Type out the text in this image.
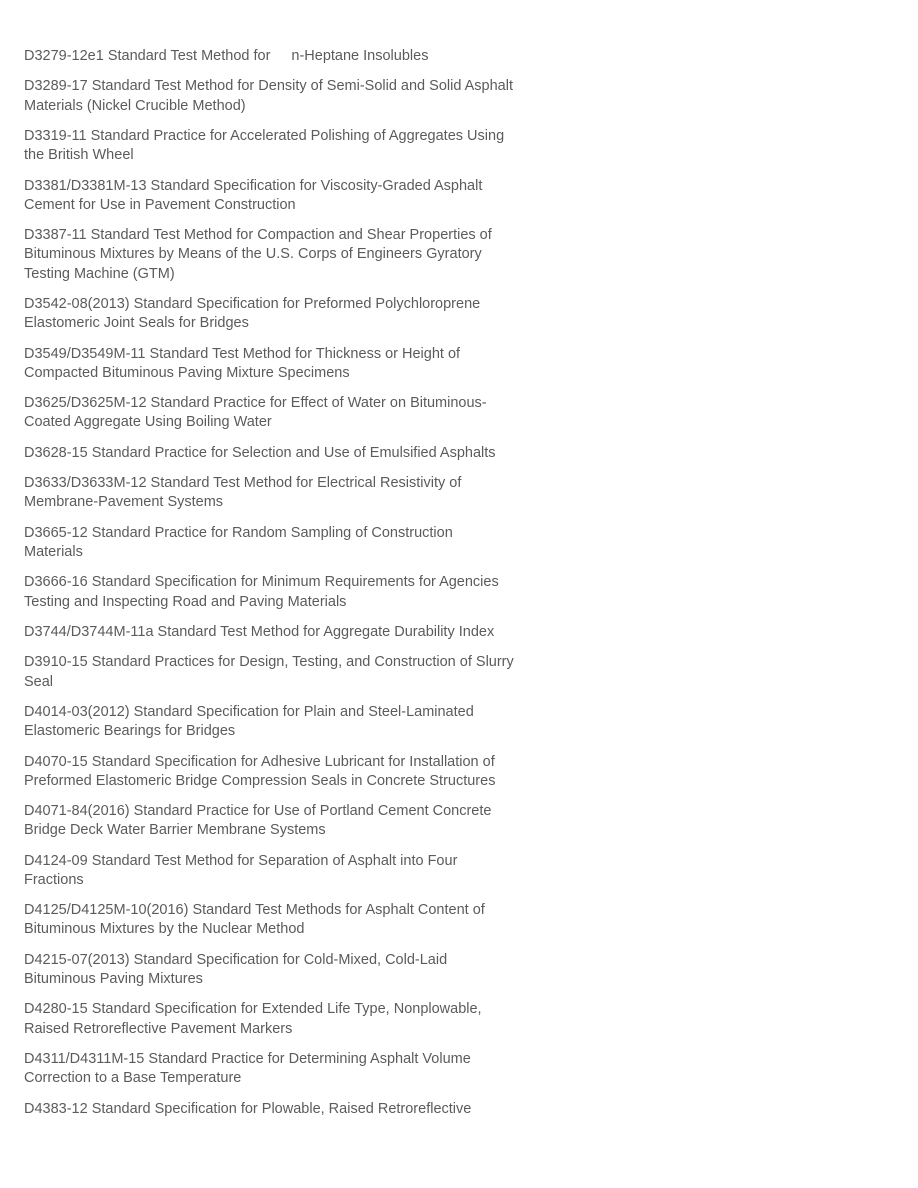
D3279-12e1 Standard Test Method for n-Heptane Insolubles
D3289-17 Standard Test Method for Density of Semi-Solid and Solid Asphalt Materials (Nickel Crucible Method)
D3319-11 Standard Practice for Accelerated Polishing of Aggregates Using the British Wheel
D3381/D3381M-13 Standard Specification for Viscosity-Graded Asphalt Cement for Use in Pavement Construction
D3387-11 Standard Test Method for Compaction and Shear Properties of Bituminous Mixtures by Means of the U.S. Corps of Engineers Gyratory Testing Machine (GTM)
D3542-08(2013) Standard Specification for Preformed Polychloroprene Elastomeric Joint Seals for Bridges
D3549/D3549M-11 Standard Test Method for Thickness or Height of Compacted Bituminous Paving Mixture Specimens
D3625/D3625M-12 Standard Practice for Effect of Water on Bituminous-Coated Aggregate Using Boiling Water
D3628-15 Standard Practice for Selection and Use of Emulsified Asphalts
D3633/D3633M-12 Standard Test Method for Electrical Resistivity of Membrane-Pavement Systems
D3665-12 Standard Practice for Random Sampling of Construction Materials
D3666-16 Standard Specification for Minimum Requirements for Agencies Testing and Inspecting Road and Paving Materials
D3744/D3744M-11a Standard Test Method for Aggregate Durability Index
D3910-15 Standard Practices for Design, Testing, and Construction of Slurry Seal
D4014-03(2012) Standard Specification for Plain and Steel-Laminated Elastomeric Bearings for Bridges
D4070-15 Standard Specification for Adhesive Lubricant for Installation of Preformed Elastomeric Bridge Compression Seals in Concrete Structures
D4071-84(2016) Standard Practice for Use of Portland Cement Concrete Bridge Deck Water Barrier Membrane Systems
D4124-09 Standard Test Method for Separation of Asphalt into Four Fractions
D4125/D4125M-10(2016) Standard Test Methods for Asphalt Content of Bituminous Mixtures by the Nuclear Method
D4215-07(2013) Standard Specification for Cold-Mixed, Cold-Laid Bituminous Paving Mixtures
D4280-15 Standard Specification for Extended Life Type, Nonplowable, Raised Retroreflective Pavement Markers
D4311/D4311M-15 Standard Practice for Determining Asphalt Volume Correction to a Base Temperature
D4383-12 Standard Specification for Plowable, Raised Retroreflective
